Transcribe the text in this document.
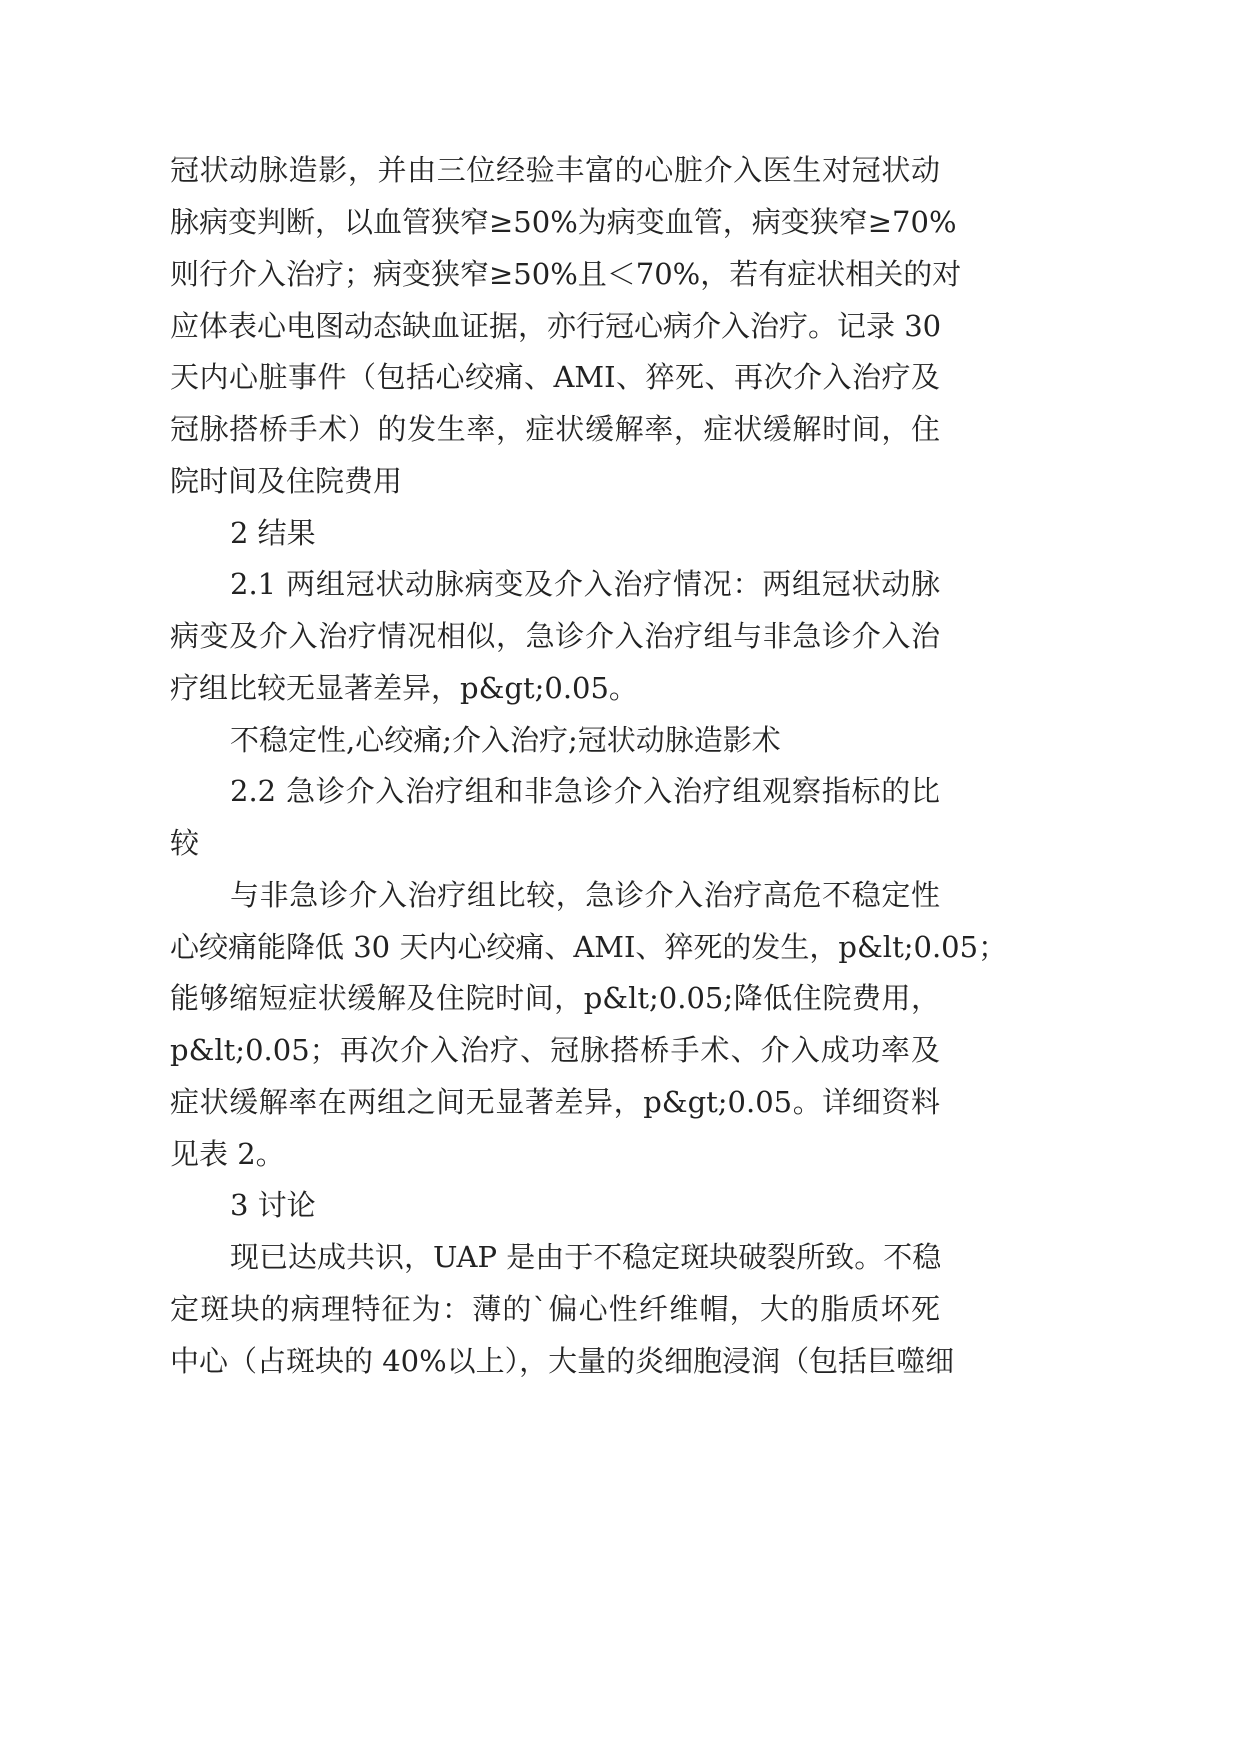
冠状动脉造影，并由三位经验丰富的心脏介入医生对冠状动
脉病变判断，以血管狭窄≥50%为病变血管，病变狭窄≥70%
则行介入治疗；病变狭窄≥50%且＜70%，若有症状相关的对
应体表心电图动态缺血证据，亦行冠心病介入治疗。记录 30
天内心脏事件（包括心绞痛、AMI、猝死、再次介入治疗及
冠脉搭桥手术）的发生率，症状缓解率，症状缓解时间，住
院时间及住院费用
2 结果
2.1 两组冠状动脉病变及介入治疗情况：两组冠状动脉
病变及介入治疗情况相似，急诊介入治疗组与非急诊介入治
疗组比较无显著差异，p&gt;0.05。
不稳定性,心绞痛;介入治疗;冠状动脉造影术
2.2 急诊介入治疗组和非急诊介入治疗组观察指标的比
较
与非急诊介入治疗组比较，急诊介入治疗高危不稳定性
心绞痛能降低 30 天内心绞痛、AMI、猝死的发生，p&lt;0.05；
能够缩短症状缓解及住院时间，p&lt;0.05;降低住院费用，
p&lt;0.05；再次介入治疗、冠脉搭桥手术、介入成功率及
症状缓解率在两组之间无显著差异，p&gt;0.05。详细资料
见表 2。
3 讨论
现已达成共识，UAP 是由于不稳定斑块破裂所致。不稳
定斑块的病理特征为：薄的`偏心性纤维帽，大的脂质坏死
中心（占斑块的 40%以上），大量的炎细胞浸润（包括巨噬细
